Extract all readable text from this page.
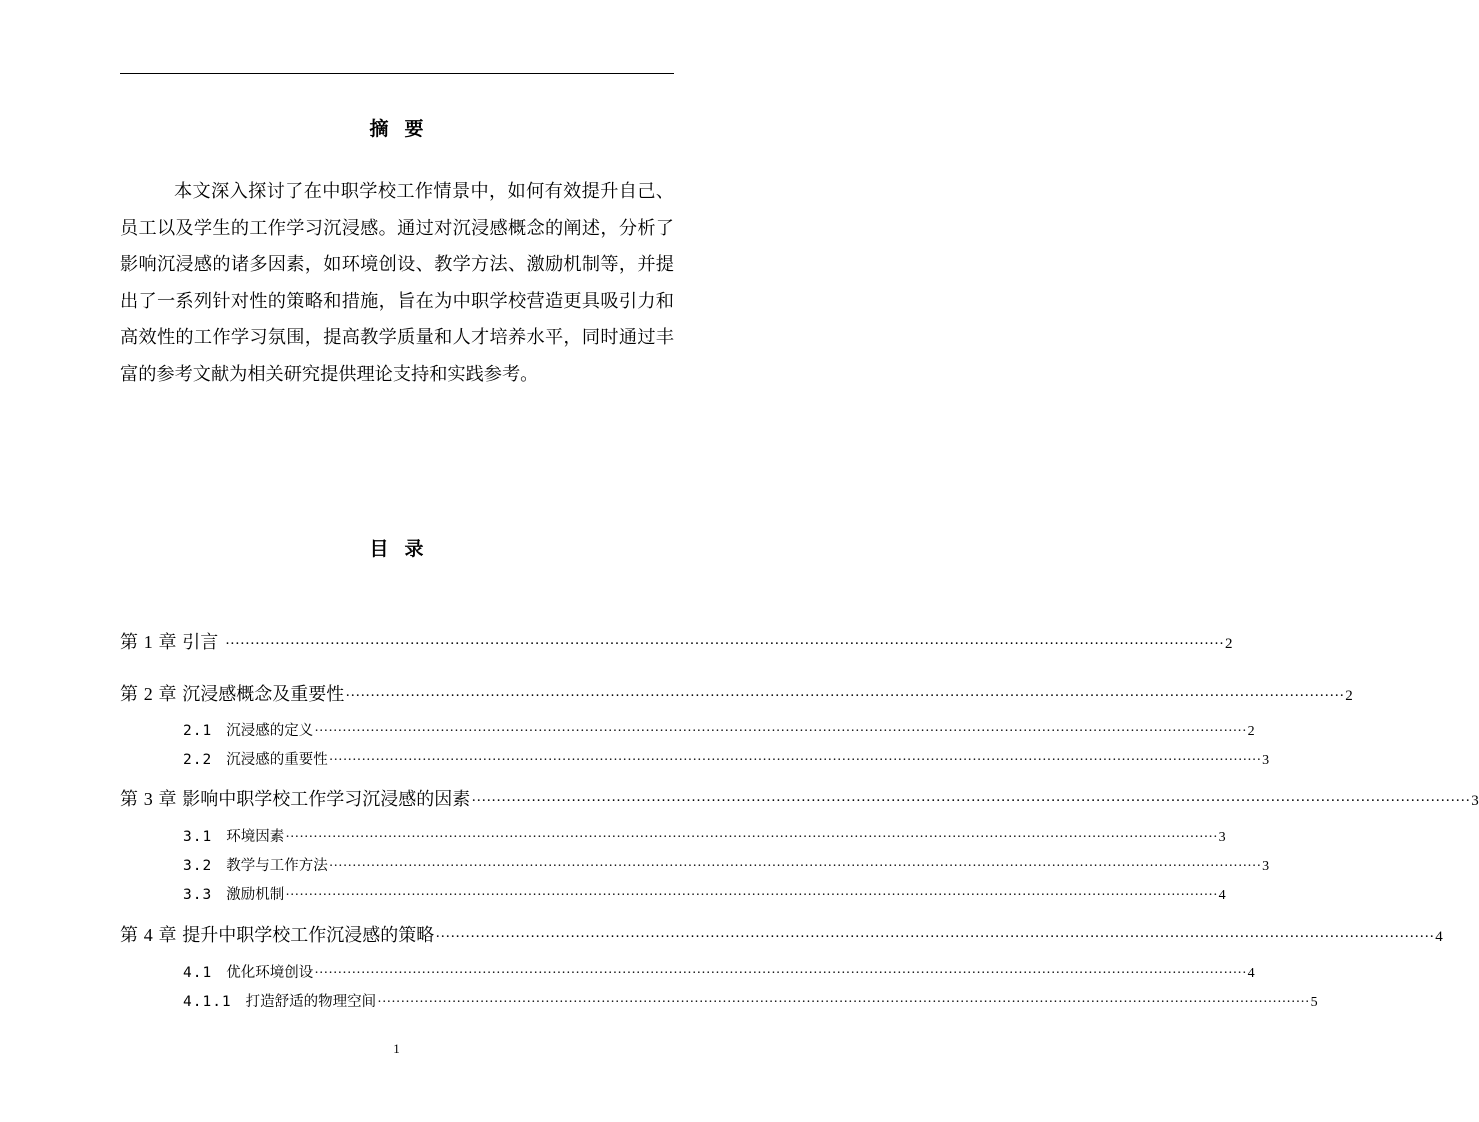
摘要

本文深入探讨了在中职学校工作情景中，如何有效提升自己、员工以及学生的工作学习沉浸感。通过对沉浸感概念的阐述，分析了影响沉浸感的诸多因素，如环境创设、教学方法、激励机制等，并提出了一系列针对性的策略和措施，旨在为中职学校营造更具吸引力和高效性的工作学习氛围，提高教学质量和人才培养水平，同时通过丰富的参考文献为相关研究提供理论支持和实践参考。

目录
第 1 章 引言 ········································································································································································································ 2
第 2 章 沉浸感概念及重要性 ········································································································································································································ 2
2.1 沉浸感的定义 ········································································································································································································ 2
2.2 沉浸感的重要性 ········································································································································································································ 3
第 3 章 影响中职学校工作学习沉浸感的因素 ········································································································································································································ 3
3.1 环境因素 ········································································································································································································ 3
3.2 教学与工作方法 ········································································································································································································ 3
3.3 激励机制 ········································································································································································································ 4
第 4 章 提升中职学校工作沉浸感的策略 ········································································································································································································ 4
4.1 优化环境创设 ········································································································································································································ 4
4.1.1 打造舒适的物理空间 ········································································································································································································ 5
1
